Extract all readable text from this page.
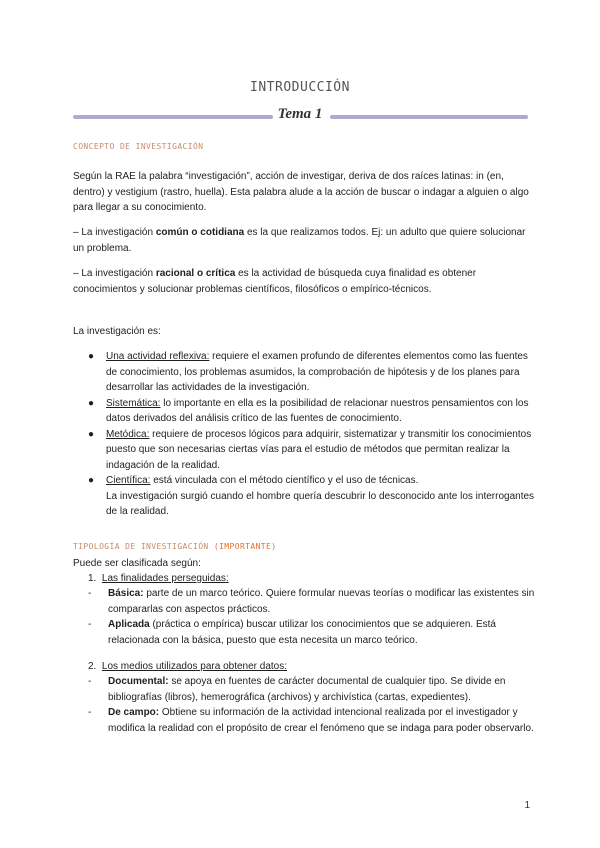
INTRODUCCIÓN
Tema 1
CONCEPTO DE INVESTIGACIÓN

Según la RAE la palabra “investigación”, acción de investigar, deriva de dos raíces latinas: in (en, dentro) y vestigium (rastro, huella). Esta palabra alude a la acción de buscar o indagar a alguien o algo para llegar a su conocimiento.

– La investigación común o cotidiana es la que realizamos todos. Ej: un adulto que quiere solucionar un problema.

– La investigación racional o crítica es la actividad de búsqueda cuya finalidad es obtener conocimientos y solucionar problemas científicos, filosóficos o empírico-técnicos.

La investigación es:

●	Una actividad reflexiva: requiere el examen profundo de diferentes elementos como las fuentes de conocimiento, los problemas asumidos, la comprobación de hipótesis y de los planes para desarrollar las actividades de la investigación.

●	Sistemática: lo importante en ella es la posibilidad de relacionar nuestros pensamientos con los datos derivados del análisis crítico de las fuentes de conocimiento.

●	Metódica: requiere de procesos lógicos para adquirir, sistematizar y transmitir los conocimientos puesto que son necesarias ciertas vías para el estudio de métodos que permitan realizar la indagación de la realidad.

●	Científica: está vinculada con el método científico y el uso de técnicas.
La investigación surgió cuando el hombre quería descubrir lo desconocido ante los interrogantes de la realidad.

TIPOLOGÍA DE INVESTIGACIÓN (IMPORTANTE)

Puede ser clasificada según:

1. Las finalidades perseguidas:
-	Básica: parte de un marco teórico. Quiere formular nuevas teorías o modificar las existentes sin compararlas con aspectos prácticos.

-	Aplicada (práctica o empírica) buscar utilizar los conocimientos que se adquieren. Está relacionada con la básica, puesto que esta necesita un marco teórico.

2. Los medios utilizados para obtener datos:
-	Documental: se apoya en fuentes de carácter documental de cualquier tipo. Se divide en bibliografías (libros), hemerográfica (archivos) y archivística (cartas, expedientes).

-	De campo: Obtiene su información de la actividad intencional realizada por el investigador y modifica la realidad con el propósito de crear el fenómeno que se indaga para poder observarlo.

1
